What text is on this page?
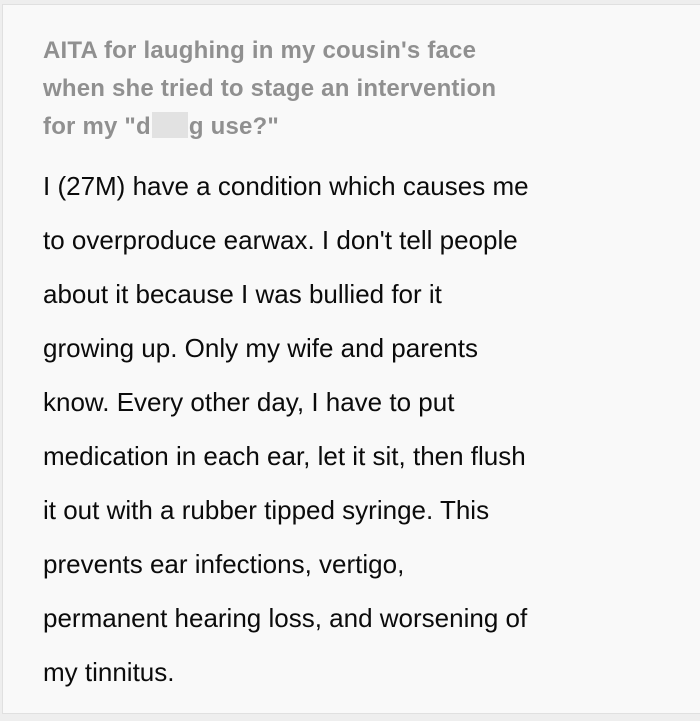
AITA for laughing in my cousin's face
when she tried to stage an intervention
for my "d g use?"
I (27M) have a condition which causes me
to overproduce earwax. I don't tell people
about it because I was bullied for it
growing up. Only my wife and parents
know. Every other day, I have to put
medication in each ear, let it sit, then flush
it out with a rubber tipped syringe. This
prevents ear infections, vertigo,
permanent hearing loss, and worsening of
my tinnitus.
